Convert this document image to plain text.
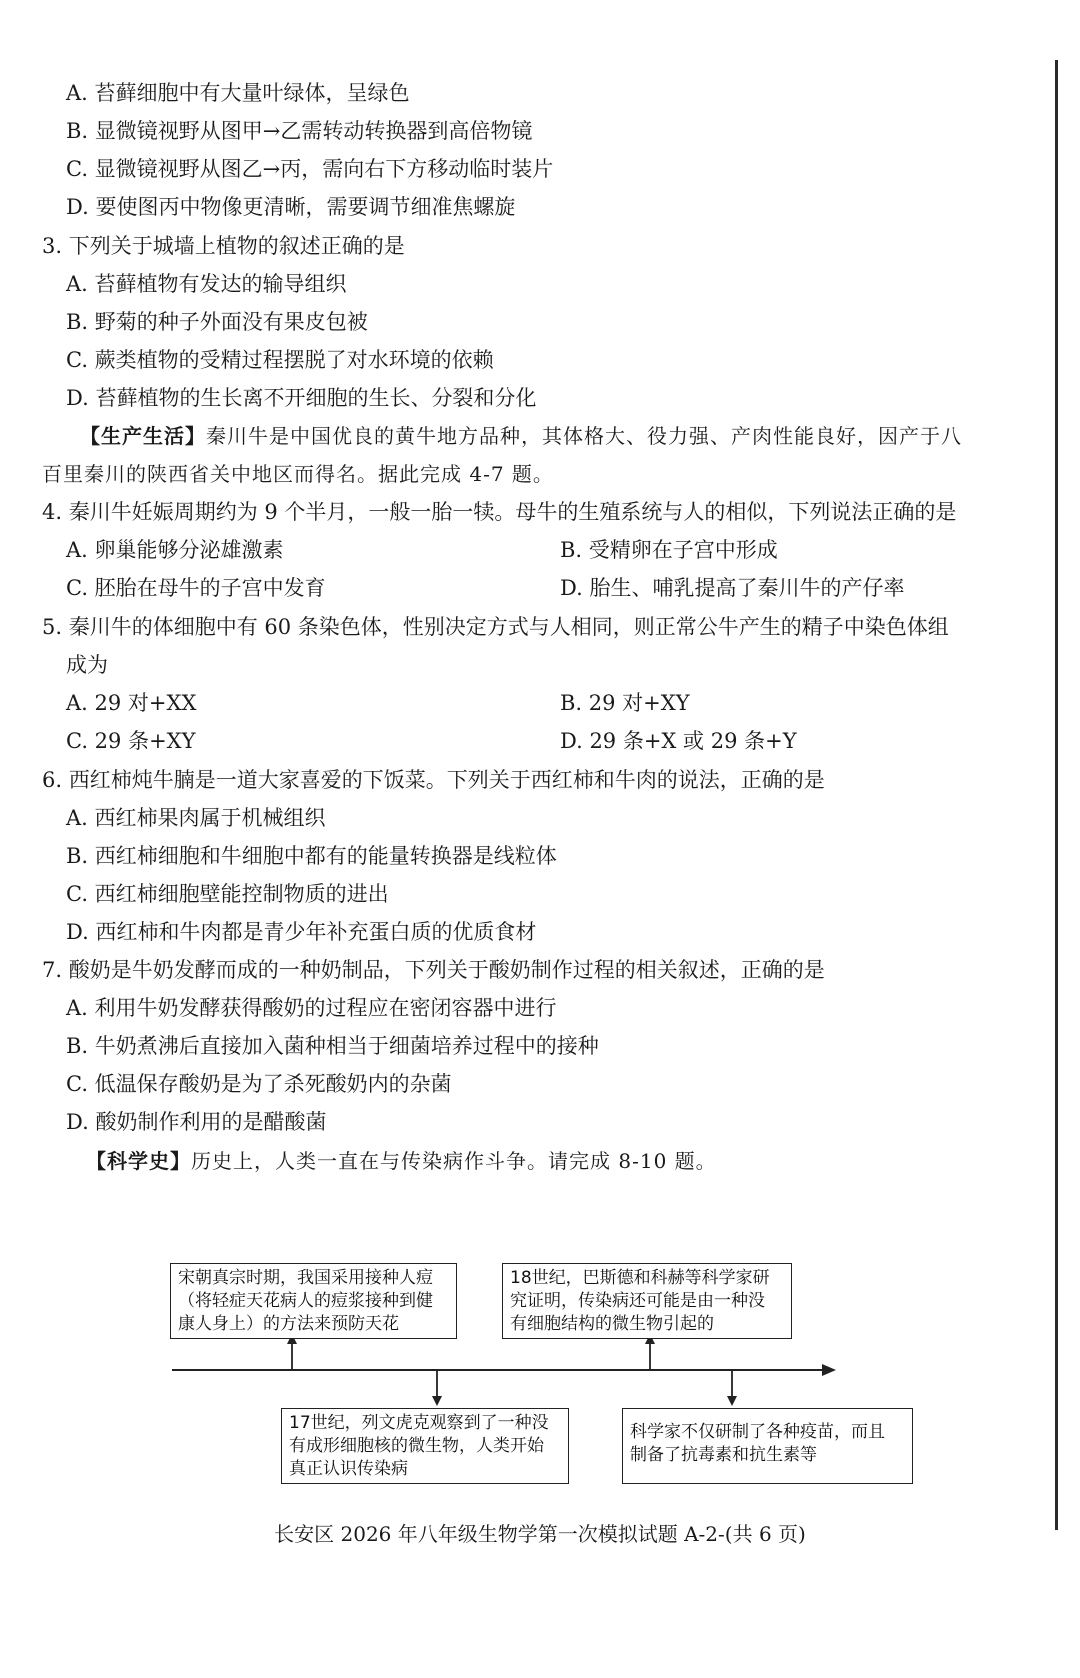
A. 苔藓细胞中有大量叶绿体，呈绿色
B. 显微镜视野从图甲→乙需转动转换器到高倍物镜
C. 显微镜视野从图乙→丙，需向右下方移动临时装片
D. 要使图丙中物像更清晰，需要调节细准焦螺旋
3. 下列关于城墙上植物的叙述正确的是
A. 苔藓植物有发达的输导组织
B. 野菊的种子外面没有果皮包被
C. 蕨类植物的受精过程摆脱了对水环境的依赖
D. 苔藓植物的生长离不开细胞的生长、分裂和分化
【生产生活】秦川牛是中国优良的黄牛地方品种，其体格大、役力强、产肉性能良好，因产于八
百里秦川的陕西省关中地区而得名。据此完成 4-7 题。
4. 秦川牛妊娠周期约为 9 个半月，一般一胎一犊。母牛的生殖系统与人的相似，下列说法正确的是
A. 卵巢能够分泌雄激素	B. 受精卵在子宫中形成
C. 胚胎在母牛的子宫中发育	D. 胎生、哺乳提高了秦川牛的产仔率
5. 秦川牛的体细胞中有 60 条染色体，性别决定方式与人相同，则正常公牛产生的精子中染色体组
成为
A. 29 对+XX	B. 29 对+XY
C. 29 条+XY	D. 29 条+X 或 29 条+Y
6. 西红柿炖牛腩是一道大家喜爱的下饭菜。下列关于西红柿和牛肉的说法，正确的是
A. 西红柿果肉属于机械组织
B. 西红柿细胞和牛细胞中都有的能量转换器是线粒体
C. 西红柿细胞壁能控制物质的进出
D. 西红柿和牛肉都是青少年补充蛋白质的优质食材
7. 酸奶是牛奶发酵而成的一种奶制品，下列关于酸奶制作过程的相关叙述，正确的是
A. 利用牛奶发酵获得酸奶的过程应在密闭容器中进行
B. 牛奶煮沸后直接加入菌种相当于细菌培养过程中的接种
C. 低温保存酸奶是为了杀死酸奶内的杂菌
D. 酸奶制作利用的是醋酸菌
【科学史】历史上，人类一直在与传染病作斗争。请完成 8-10 题。
宋朝真宗时期，我国采用接种人痘
（将轻症天花病人的痘浆接种到健
康人身上）的方法来预防天花
18世纪，巴斯德和科赫等科学家研
究证明，传染病还可能是由一种没
有细胞结构的微生物引起的
17世纪，列文虎克观察到了一种没
有成形细胞核的微生物，人类开始
真正认识传染病
科学家不仅研制了各种疫苗，而且
制备了抗毒素和抗生素等
长安区 2026 年八年级生物学第一次模拟试题 A-2-(共 6 页)
